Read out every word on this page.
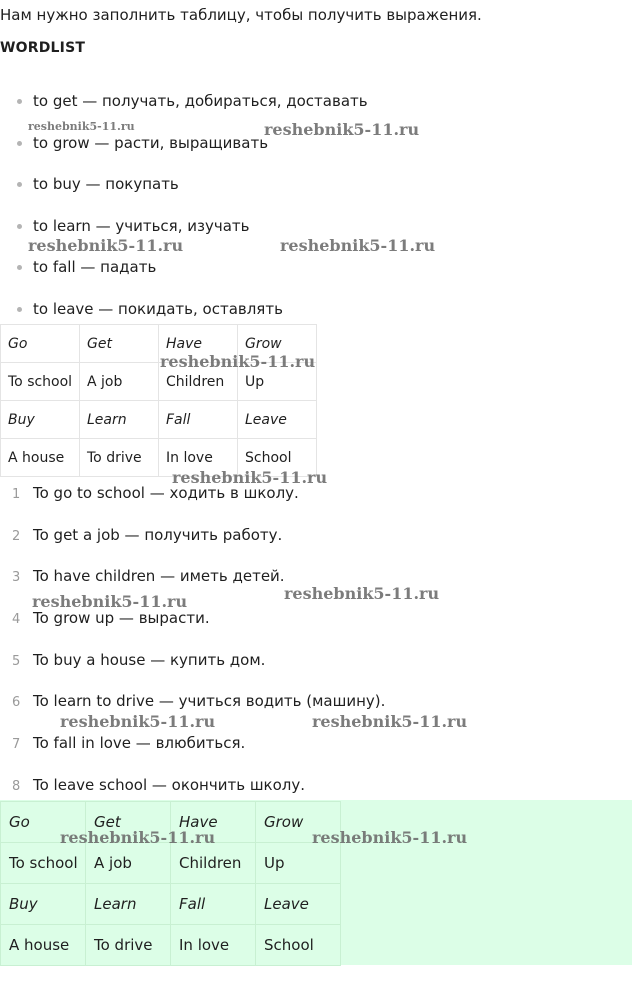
Нам нужно заполнить таблицу, чтобы получить выражения.
WORDLIST
to get — получать, добираться, доставать
to grow — расти, выращивать
to buy — покупать
to learn — учиться, изучать
to fall — падать
to leave — покидать, оставлять
Go	Get	Have	Grow
To school	A job	Children	Up
Buy	Learn	Fall	Leave
A house	To drive	In love	School
1 To go to school — ходить в школу.
2 To get a job — получить работу.
3 To have children — иметь детей.
4 To grow up — вырасти.
5 To buy a house — купить дом.
6 To learn to drive — учиться водить (машину).
7 To fall in love — влюбиться.
8 To leave school — окончить школу.
Go	Get	Have	Grow
To school	A job	Children	Up
Buy	Learn	Fall	Leave
A house	To drive	In love	School
reshebnik5-11.ru	reshebnik5-11.ru
reshebnik5-11.ru	reshebnik5-11.ru
reshebnik5-11.ru
reshebnik5-11.ru
reshebnik5-11.ru	reshebnik5-11.ru
reshebnik5-11.ru	reshebnik5-11.ru
reshebnik5-11.ru	reshebnik5-11.ru
